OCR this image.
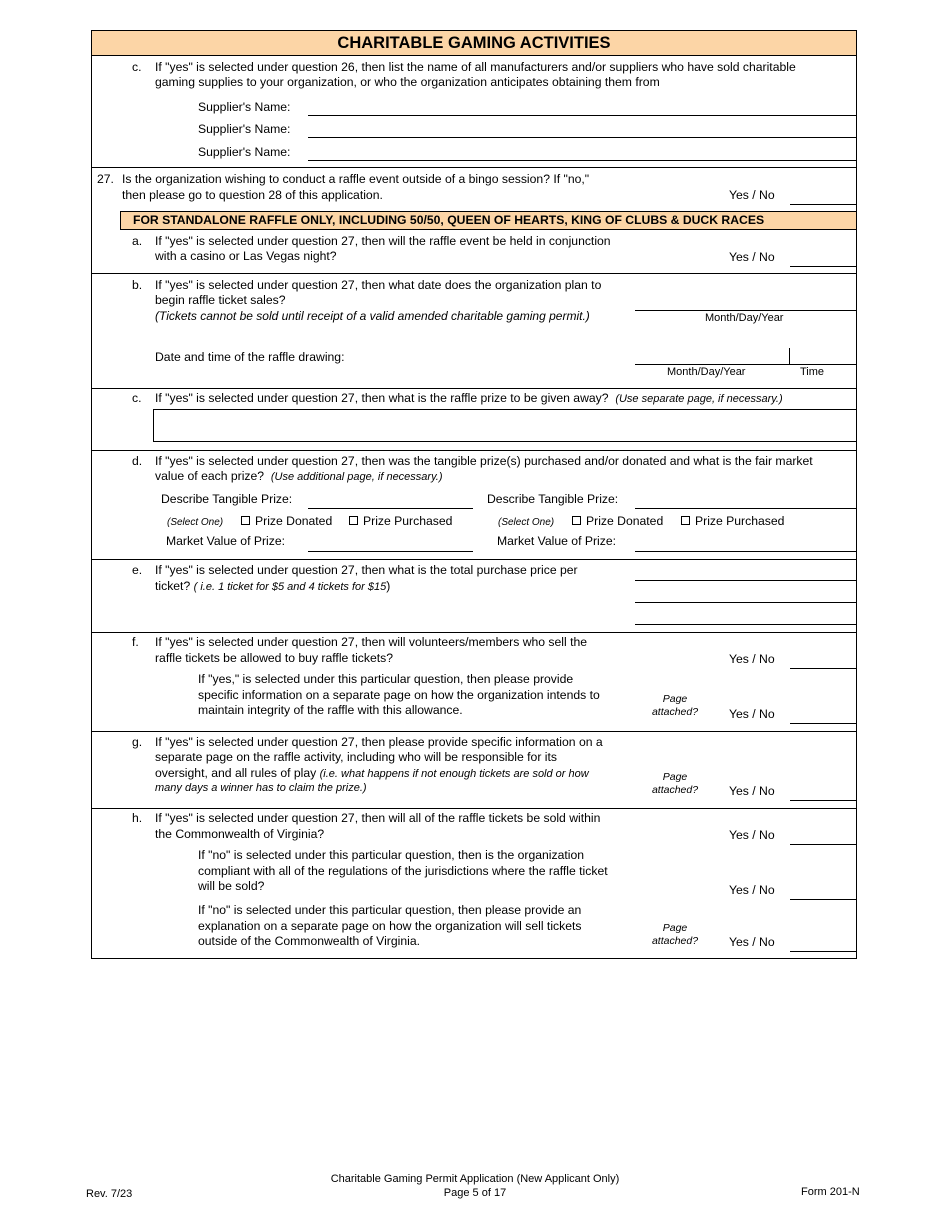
CHARITABLE GAMING ACTIVITIES
c. If "yes" is selected under question 26, then list the name of all manufacturers and/or suppliers who have sold charitable
gaming supplies to your organization, or who the organization anticipates obtaining them from
Supplier's Name:
Supplier's Name:
Supplier's Name:
27. Is the organization wishing to conduct a raffle event outside of a bingo session? If "no,"
then please go to question 28 of this application.	Yes / No
FOR STANDALONE RAFFLE ONLY, INCLUDING 50/50, QUEEN OF HEARTS, KING OF CLUBS & DUCK RACES
a. If "yes" is selected under question 27, then will the raffle event be held in conjunction
with a casino or Las Vegas night?	Yes / No
b. If "yes" is selected under question 27, then what date does the organization plan to
begin raffle ticket sales?
(Tickets cannot be sold until receipt of a valid amended charitable gaming permit.)	Month/Day/Year
Date and time of the raffle drawing:
Month/Day/Year	Time
c. If "yes" is selected under question 27, then what is the raffle prize to be given away? (Use separate page, if necessary.)
d. If "yes" is selected under question 27, then was the tangible prize(s) purchased and/or donated and what is the fair market
value of each prize? (Use additional page, if necessary.)
Describe Tangible Prize:	Describe Tangible Prize:
(Select One)	Prize Donated	Prize Purchased	(Select One)	Prize Donated	Prize Purchased
Market Value of Prize:	Market Value of Prize:
e. If "yes" is selected under question 27, then what is the total purchase price per
ticket? ( i.e. 1 ticket for $5 and 4 tickets for $15)
f. If "yes" is selected under question 27, then will volunteers/members who sell the
raffle tickets be allowed to buy raffle tickets?	Yes / No
If "yes," is selected under this particular question, then please provide
specific information on a separate page on how the organization intends to
maintain integrity of the raffle with this allowance.
Page
attached?	Yes / No
g. If "yes" is selected under question 27, then please provide specific information on a
separate page on the raffle activity, including who will be responsible for its
oversight, and all rules of play (i.e. what happens if not enough tickets are sold or how
many days a winner has to claim the prize.)
Page
attached?	Yes / No
h. If "yes" is selected under question 27, then will all of the raffle tickets be sold within
the Commonwealth of Virginia?	Yes / No
If "no" is selected under this particular question, then is the organization
compliant with all of the regulations of the jurisdictions where the raffle ticket
will be sold?	Yes / No
If "no" is selected under this particular question, then please provide an
explanation on a separate page on how the organization will sell tickets
outside of the Commonwealth of Virginia.
Page
attached?	Yes / No
Rev. 7/23
Charitable Gaming Permit Application (New Applicant Only)
Page 5 of 17	Form 201-N
